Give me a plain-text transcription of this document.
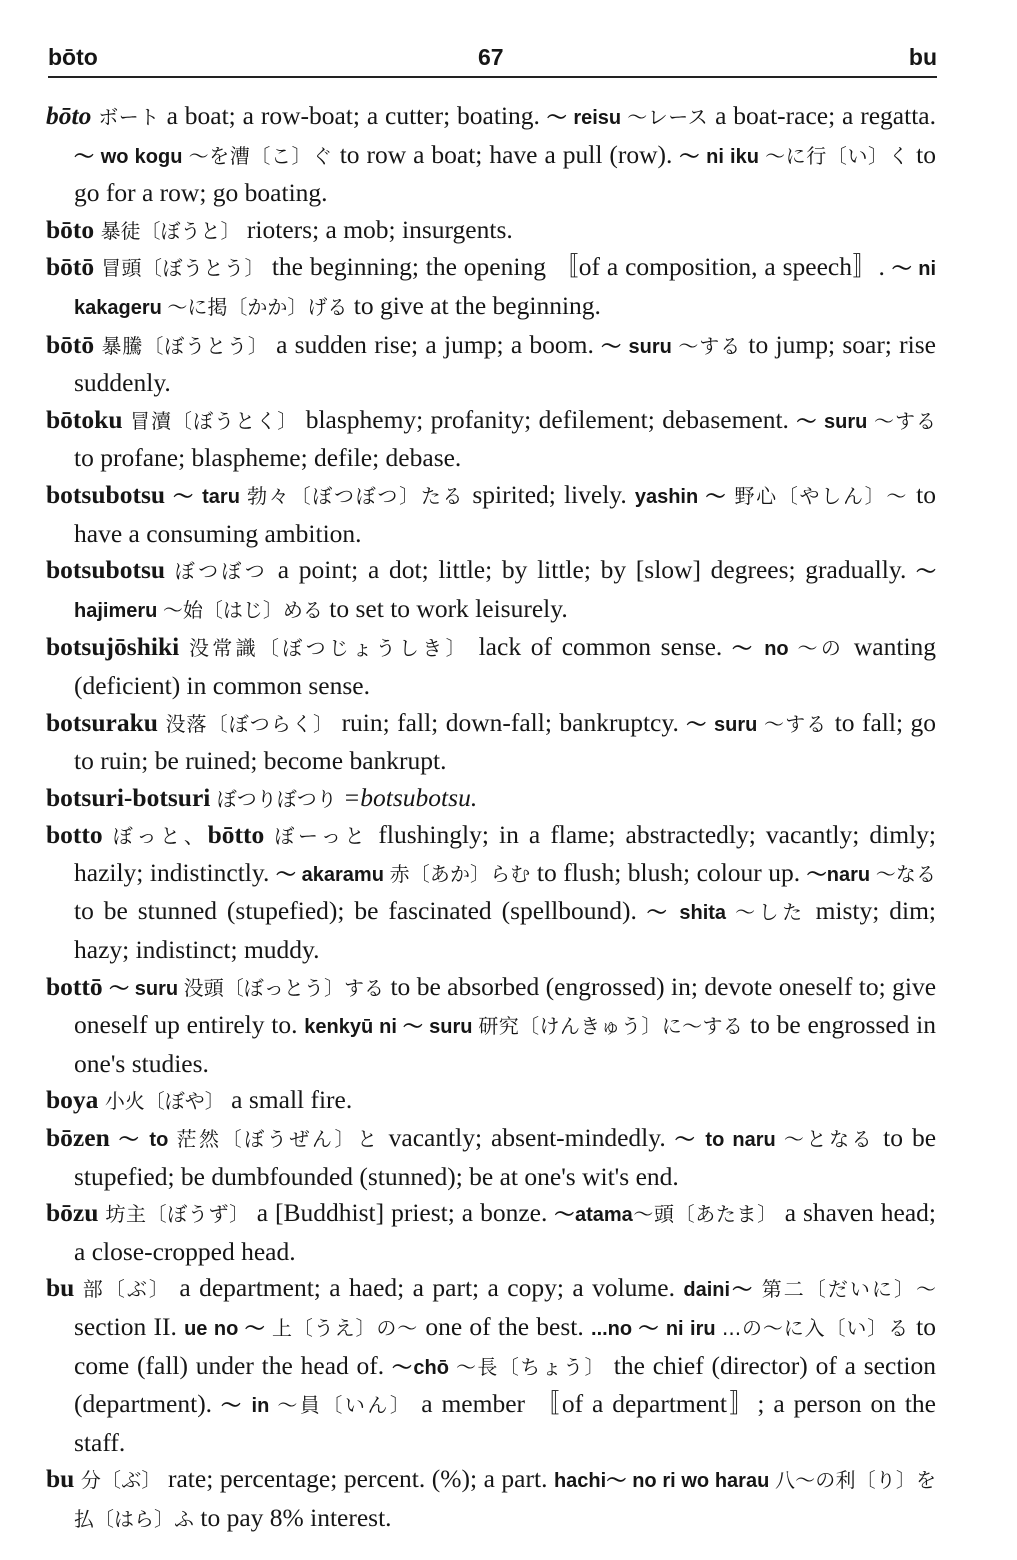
bōto	67	bu

bōto ボート a boat; a row-boat; a cutter; boating. 〜 reisu 〜レース a boat-race; a regatta. 〜 wo kogu 〜を漕〔こ〕ぐ to row a boat; have a pull (row). 〜 ni iku 〜に行〔い〕く to go for a row; go boating.

bōto 暴徒〔ぼうと〕 rioters; a mob; insurgents.

bōtō 冒頭〔ぼうとう〕 the beginning; the opening 〚of a composition, a speech〛. 〜 ni kakageru 〜に掲〔かか〕げる to give at the beginning.

bōtō 暴騰〔ぼうとう〕 a sudden rise; a jump; a boom. 〜 suru 〜する to jump; soar; rise suddenly.

bōtoku 冒瀆〔ぼうとく〕 blasphemy; profanity; defilement; debasement. 〜 suru 〜する to profane; blaspheme; defile; debase.

botsubotsu 〜 taru 勃々〔ぼつぼつ〕たる spirited; lively. yashin 〜 野心〔やしん〕〜 to have a consuming ambition.

botsubotsu ぼつぼつ a point; a dot; little; by little; by [slow] degrees; gradually. 〜hajimeru 〜始〔はじ〕める to set to work leisurely.

botsujōshiki 没常識〔ぼつじょうしき〕 lack of common sense. 〜 no 〜の wanting (deficient) in common sense.

botsuraku 没落〔ぼつらく〕 ruin; fall; down-fall; bankruptcy. 〜 suru 〜する to fall; go to ruin; be ruined; become bankrupt.

botsuri-botsuri ぼつりぼつり =botsubotsu.

botto ぼっと、bōtto ぼーっと flushingly; in a flame; abstractedly; vacantly; dimly; hazily; indistinctly. 〜 akaramu 赤〔あか〕らむ to flush; blush; colour up. 〜naru 〜なる to be stunned (stupefied); be fascinated (spellbound). 〜 shita 〜した misty; dim; hazy; indistinct; muddy.

bottō 〜 suru 没頭〔ぼっとう〕する to be absorbed (engrossed) in; devote oneself to; give oneself up entirely to. kenkyū ni 〜 suru 研究〔けんきゅう〕に〜する to be engrossed in one's studies.

boya 小火〔ぼや〕 a small fire.

bōzen 〜 to 茫然〔ぼうぜん〕と vacantly; absent-mindedly. 〜 to naru 〜となる to be stupefied; be dumbfounded (stunned); be at one's wit's end.

bōzu 坊主〔ぼうず〕 a [Buddhist] priest; a bonze. 〜atama〜頭〔あたま〕 a shaven head; a close-cropped head.

bu 部〔ぶ〕 a department; a haed; a part; a copy; a volume. daini〜 第二〔だいに〕〜 section II. ue no 〜 上〔うえ〕の〜 one of the best. ...no 〜 ni iru ...の〜に入〔い〕る to come (fall) under the head of. 〜chō 〜長〔ちょう〕 the chief (director) of a section (department). 〜 in 〜員〔いん〕 a member 〚of a department〛; a person on the staff.

bu 分〔ぶ〕 rate; percentage; percent. (%); a part. hachi〜 no ri wo harau 八〜の利〔り〕を払〔はら〕ふ to pay 8% interest.
